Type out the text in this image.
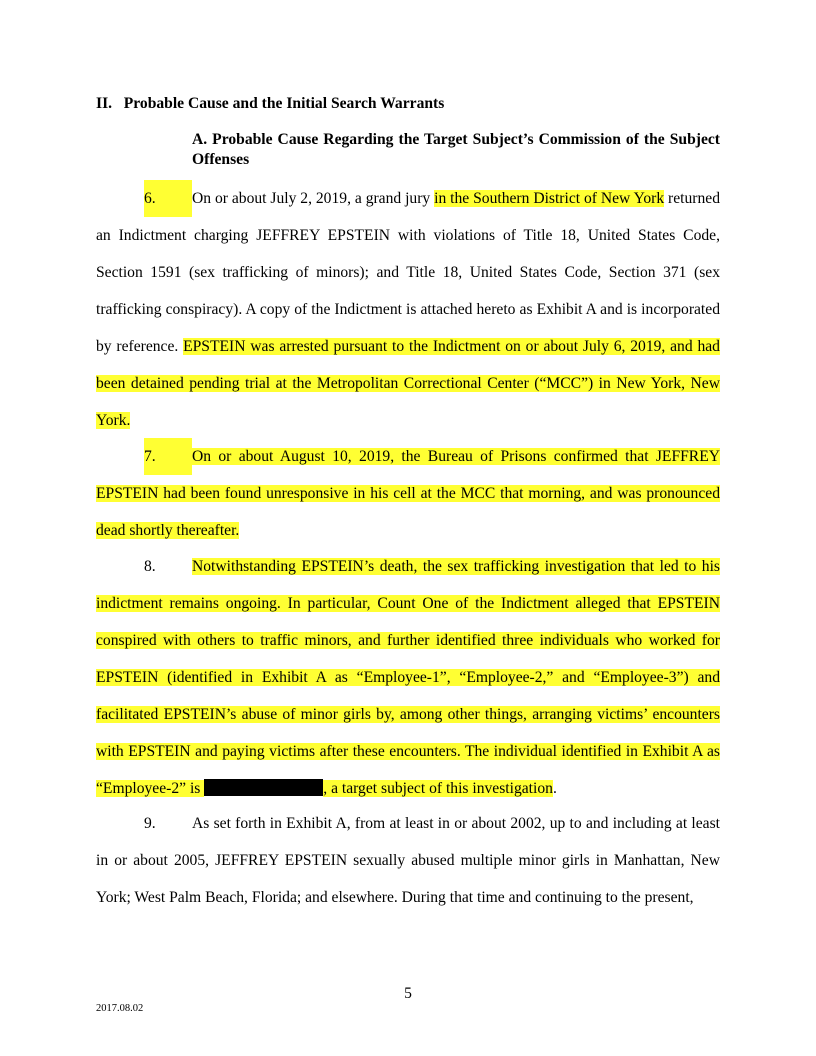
II.   Probable Cause and the Initial Search Warrants
A. Probable Cause Regarding the Target Subject’s Commission of the Subject Offenses
6. On or about July 2, 2019, a grand jury in the Southern District of New York returned an Indictment charging JEFFREY EPSTEIN with violations of Title 18, United States Code, Section 1591 (sex trafficking of minors); and Title 18, United States Code, Section 371 (sex trafficking conspiracy). A copy of the Indictment is attached hereto as Exhibit A and is incorporated by reference. EPSTEIN was arrested pursuant to the Indictment on or about July 6, 2019, and had been detained pending trial at the Metropolitan Correctional Center (“MCC”) in New York, New York.
7. On or about August 10, 2019, the Bureau of Prisons confirmed that JEFFREY EPSTEIN had been found unresponsive in his cell at the MCC that morning, and was pronounced dead shortly thereafter.
8. Notwithstanding EPSTEIN’s death, the sex trafficking investigation that led to his indictment remains ongoing. In particular, Count One of the Indictment alleged that EPSTEIN conspired with others to traffic minors, and further identified three individuals who worked for EPSTEIN (identified in Exhibit A as “Employee-1”, “Employee-2,” and “Employee-3”) and facilitated EPSTEIN’s abuse of minor girls by, among other things, arranging victims’ encounters with EPSTEIN and paying victims after these encounters. The individual identified in Exhibit A as “Employee-2” is	, a target subject of this investigation.
9. As set forth in Exhibit A, from at least in or about 2002, up to and including at least in or about 2005, JEFFREY EPSTEIN sexually abused multiple minor girls in Manhattan, New York; West Palm Beach, Florida; and elsewhere. During that time and continuing to the present,
5
2017.08.02
